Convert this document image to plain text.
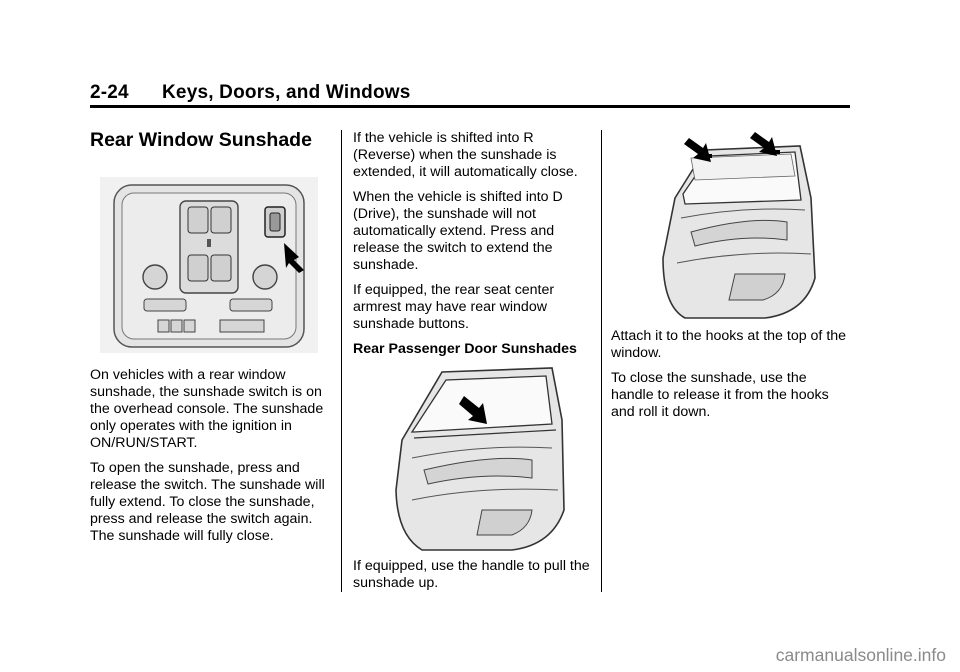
2-24 Keys, Doors, and Windows
Rear Window Sunshade

On vehicles with a rear window sunshade, the sunshade switch is on the overhead console. The sunshade only operates with the ignition in ON/RUN/START.

To open the sunshade, press and release the switch. The sunshade will fully extend. To close the sunshade, press and release the switch again. The sunshade will fully close.

If the vehicle is shifted into R (Reverse) when the sunshade is extended, it will automatically close.

When the vehicle is shifted into D (Drive), the sunshade will not automatically extend. Press and release the switch to extend the sunshade.

If equipped, the rear seat center armrest may have rear window sunshade buttons.

Rear Passenger Door Sunshades

If equipped, use the handle to pull the sunshade up.

Attach it to the hooks at the top of the window.

To close the sunshade, use the handle to release it from the hooks and roll it down.

carmanualsonline.info
